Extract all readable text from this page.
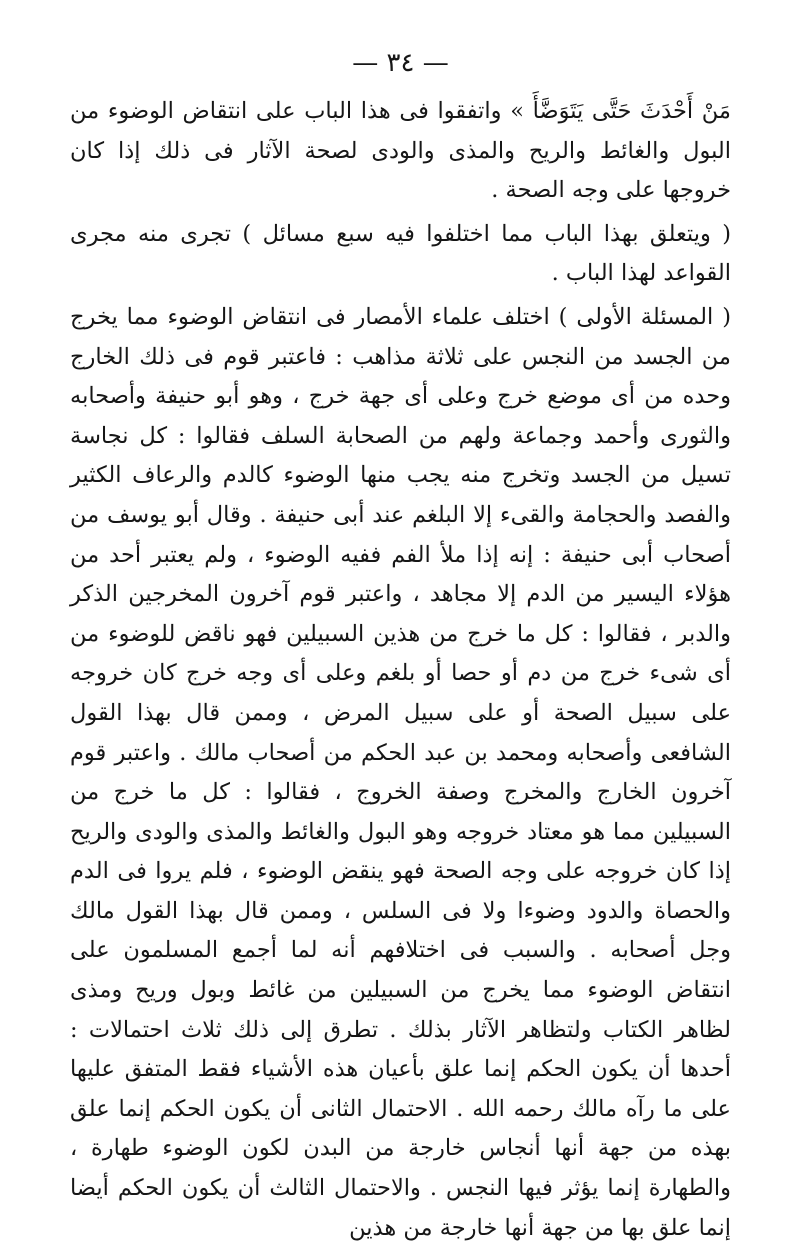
— ٣٤ —

مَنْ أَحْدَثَ حَتَّى يَتَوَضَّأَ » واتفقوا فى هذا الباب على انتقاض الوضوء من البول والغائط والريح والمذى والودى لصحة الآثار فى ذلك إذا كان خروجها على وجه الصحة .

( ويتعلق بهذا الباب مما اختلفوا فيه سبع مسائل ) تجرى منه مجرى القواعد لهذا الباب .

( المسئلة الأولى ) اختلف علماء الأمصار فى انتقاض الوضوء مما يخرج من الجسد من النجس على ثلاثة مذاهب : فاعتبر قوم فى ذلك الخارج وحده من أى موضع خرج وعلى أى جهة خرج ، وهو أبو حنيفة وأصحابه والثورى وأحمد وجماعة ولهم من الصحابة السلف فقالوا : كل نجاسة تسيل من الجسد وتخرج منه يجب منها الوضوء كالدم والرعاف الكثير والفصد والحجامة والقىء إلا البلغم عند أبى حنيفة . وقال أبو يوسف من أصحاب أبى حنيفة : إنه إذا ملأ الفم ففيه الوضوء ، ولم يعتبر أحد من هؤلاء اليسير من الدم إلا مجاهد ، واعتبر قوم آخرون المخرجين الذكر والدبر ، فقالوا : كل ما خرج من هذين السبيلين فهو ناقض للوضوء من أى شىء خرج من دم أو حصا أو بلغم وعلى أى وجه خرج كان خروجه على سبيل الصحة أو على سبيل المرض ، وممن قال بهذا القول الشافعى وأصحابه ومحمد بن عبد الحكم من أصحاب مالك . واعتبر قوم آخرون الخارج والمخرج وصفة الخروج ، فقالوا : كل ما خرج من السبيلين مما هو معتاد خروجه وهو البول والغائط والمذى والودى والريح إذا كان خروجه على وجه الصحة فهو ينقض الوضوء ، فلم يروا فى الدم والحصاة والدود وضوءا ولا فى السلس ، وممن قال بهذا القول مالك وجل أصحابه . والسبب فى اختلافهم أنه لما أجمع المسلمون على انتقاض الوضوء مما يخرج من السبيلين من غائط وبول وريح ومذى لظاهر الكتاب ولتظاهر الآثار بذلك . تطرق إلى ذلك ثلاث احتمالات : أحدها أن يكون الحكم إنما علق بأعيان هذه الأشياء فقط المتفق عليها على ما رآه مالك رحمه الله . الاحتمال الثانى أن يكون الحكم إنما علق بهذه من جهة أنها أنجاس خارجة من البدن لكون الوضوء طهارة ، والطهارة إنما يؤثر فيها النجس . والاحتمال الثالث أن يكون الحكم أيضا إنما علق بها من جهة أنها خارجة من هذين
